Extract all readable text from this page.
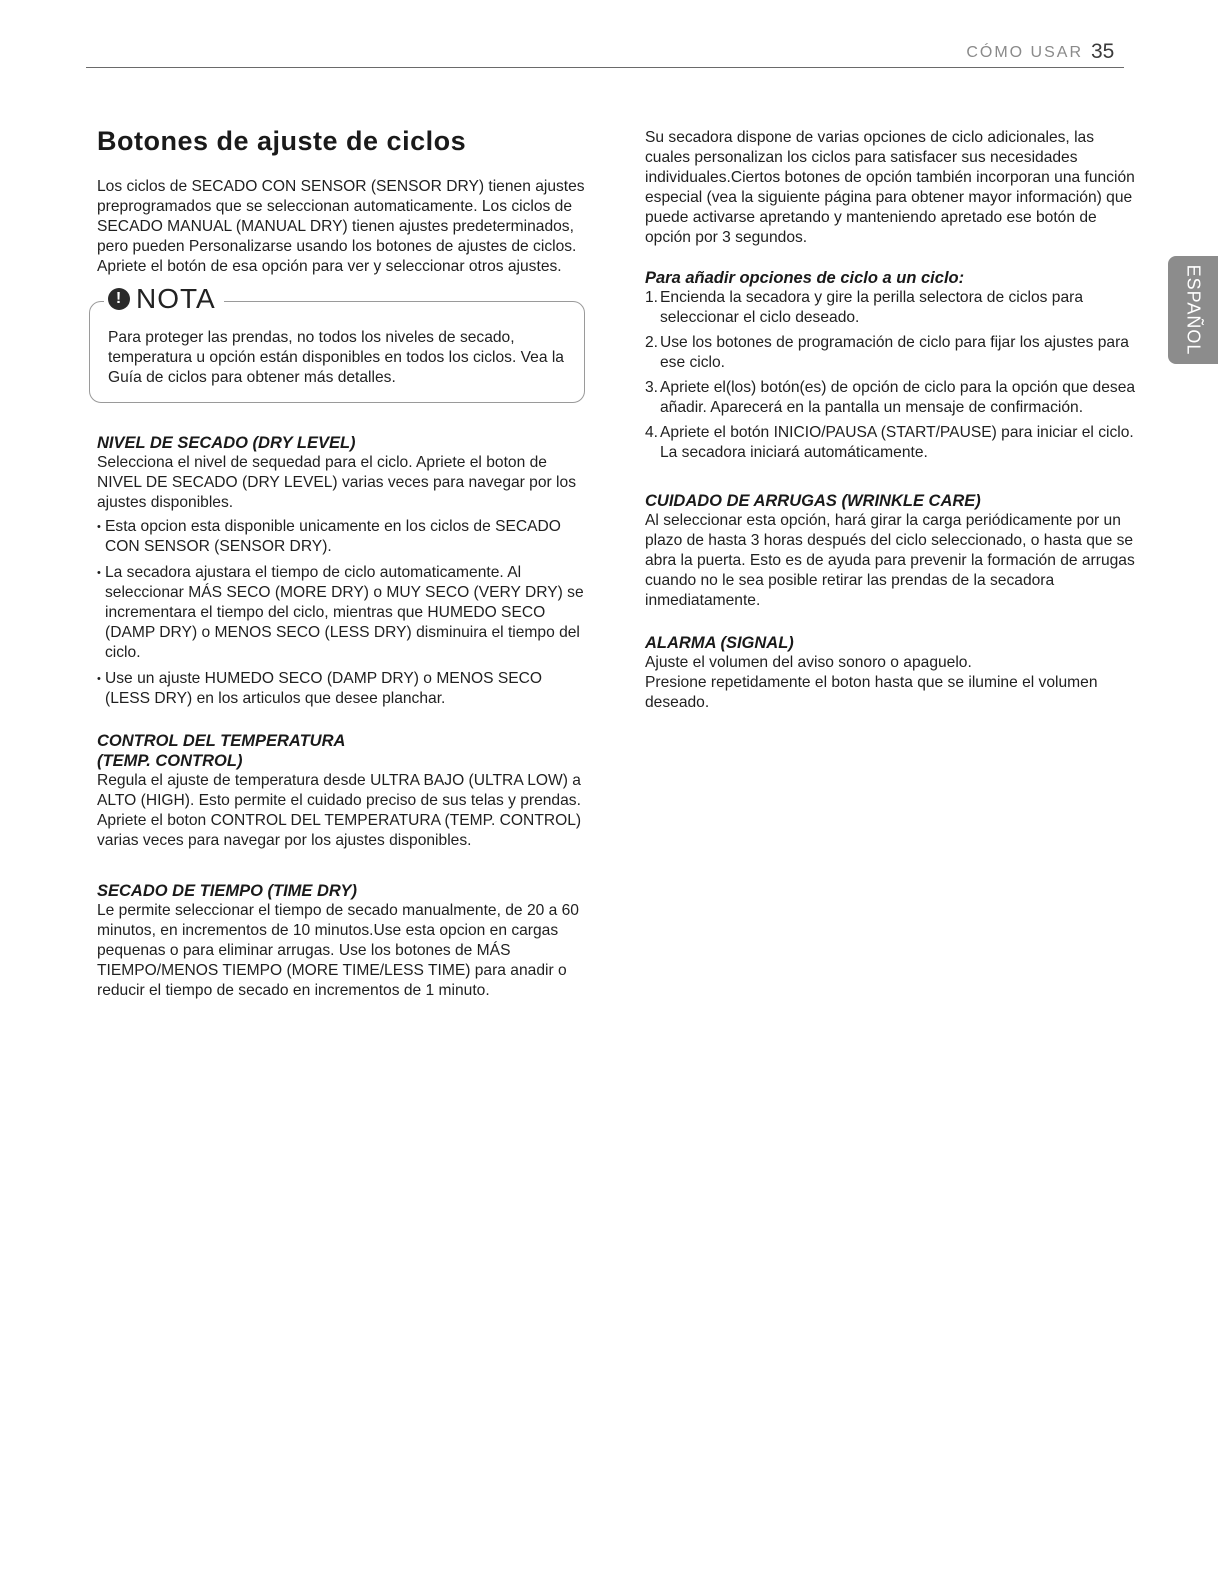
CÓMO USAR 35
ESPAÑOL
Botones de ajuste de ciclos

Los ciclos de SECADO CON SENSOR (SENSOR DRY) tienen ajustes preprogramados que se seleccionan automaticamente. Los ciclos de SECADO MANUAL (MANUAL DRY) tienen ajustes predeterminados, pero pueden Personalizarse usando los botones de ajustes de ciclos. Apriete el botón de esa opción para ver y seleccionar otros ajustes.

! NOTA

Para proteger las prendas, no todos los niveles de secado, temperatura u opción están disponibles en todos los ciclos. Vea la Guía de ciclos para obtener más detalles.

NIVEL DE SECADO (DRY LEVEL)

Selecciona el nivel de sequedad para el ciclo. Apriete el boton de NIVEL DE SECADO (DRY LEVEL) varias veces para navegar por los ajustes disponibles.

• Esta opcion esta disponible unicamente en los ciclos de SECADO CON SENSOR (SENSOR DRY).
• La secadora ajustara el tiempo de ciclo automaticamente. Al seleccionar MÁS SECO (MORE DRY) o MUY SECO (VERY DRY) se incrementara el tiempo del ciclo, mientras que HUMEDO SECO (DAMP DRY) o MENOS SECO (LESS DRY) disminuira el tiempo del ciclo.
• Use un ajuste HUMEDO SECO (DAMP DRY) o MENOS SECO (LESS DRY) en los articulos que desee planchar.
CONTROL DEL TEMPERATURA
(TEMP. CONTROL)

Regula el ajuste de temperatura desde ULTRA BAJO (ULTRA LOW) a ALTO (HIGH). Esto permite el cuidado preciso de sus telas y prendas. Apriete el boton CONTROL DEL TEMPERATURA (TEMP. CONTROL) varias veces para navegar por los ajustes disponibles.

SECADO DE TIEMPO (TIME DRY)

Le permite seleccionar el tiempo de secado manualmente, de 20 a 60 minutos, en incrementos de 10 minutos.Use esta opcion en cargas pequenas o para eliminar arrugas. Use los botones de MÁS TIEMPO/MENOS TIEMPO (MORE TIME/LESS TIME) para anadir o reducir el tiempo de secado en incrementos de 1 minuto.

Su secadora dispone de varias opciones de ciclo adicionales, las cuales personalizan los ciclos para satisfacer sus necesidades individuales.Ciertos botones de opción también incorporan una función especial (vea la siguiente página para obtener mayor información) que puede activarse apretando y manteniendo apretado ese botón de opción por 3 segundos.

Para añadir opciones de ciclo a un ciclo:
1. Encienda la secadora y gire la perilla selectora de ciclos para seleccionar el ciclo deseado.
2. Use los botones de programación de ciclo para fijar los ajustes para ese ciclo.
3. Apriete el(los) botón(es) de opción de ciclo para la opción que desea añadir. Aparecerá en la pantalla un mensaje de confirmación.
4. Apriete el botón INICIO/PAUSA (START/PAUSE) para iniciar el ciclo. La secadora iniciará automáticamente.
CUIDADO DE ARRUGAS (WRINKLE CARE)

Al seleccionar esta opción, hará girar la carga periódicamente por un plazo de hasta 3 horas después del ciclo seleccionado, o hasta que se abra la puerta. Esto es de ayuda para prevenir la formación de arrugas cuando no le sea posible retirar las prendas de la secadora inmediatamente.

ALARMA (SIGNAL)

Ajuste el volumen del aviso sonoro o apaguelo.

Presione repetidamente el boton hasta que se ilumine el volumen deseado.
